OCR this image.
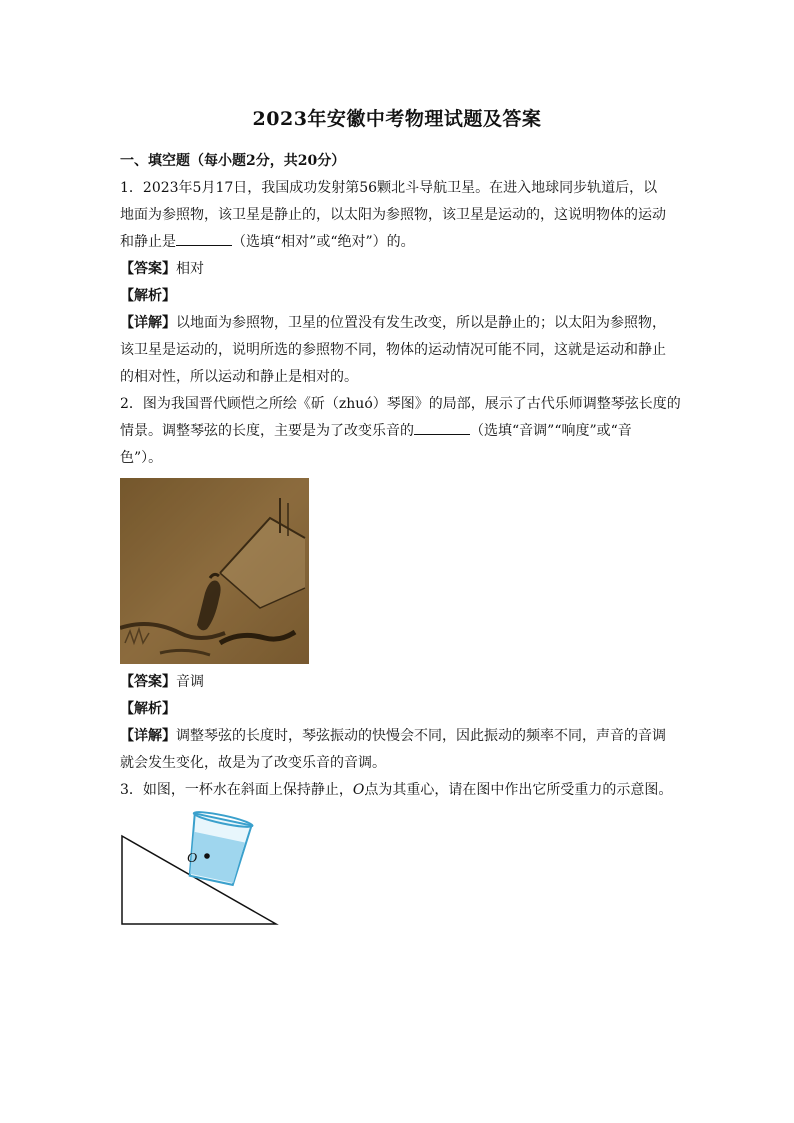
2023年安徽中考物理试题及答案
一、填空题（每小题2分，共20分）
1．2023年5月17日，我国成功发射第56颗北斗导航卫星。在进入地球同步轨道后，以
地面为参照物，该卫星是静止的，以太阳为参照物，该卫星是运动的，这说明物体的运动
和静止是	（选填“相对”或“绝对”）的。
【答案】相对
【解析】
【详解】以地面为参照物，卫星的位置没有发生改变，所以是静止的；以太阳为参照物，
该卫星是运动的，说明所选的参照物不同，物体的运动情况可能不同，这就是运动和静止
的相对性，所以运动和静止是相对的。
2．图为我国晋代顾恺之所绘《斫（zhuó）琴图》的局部，展示了古代乐师调整琴弦长度的
情景。调整琴弦的长度，主要是为了改变乐音的	（选填“音调”“响度”或“音
色”）。
【答案】音调
【解析】
【详解】调整琴弦的长度时，琴弦振动的快慢会不同，因此振动的频率不同，声音的音调
就会发生变化，故是为了改变乐音的音调。
3．如图，一杯水在斜面上保持静止，O点为其重心，请在图中作出它所受重力的示意图。
O
